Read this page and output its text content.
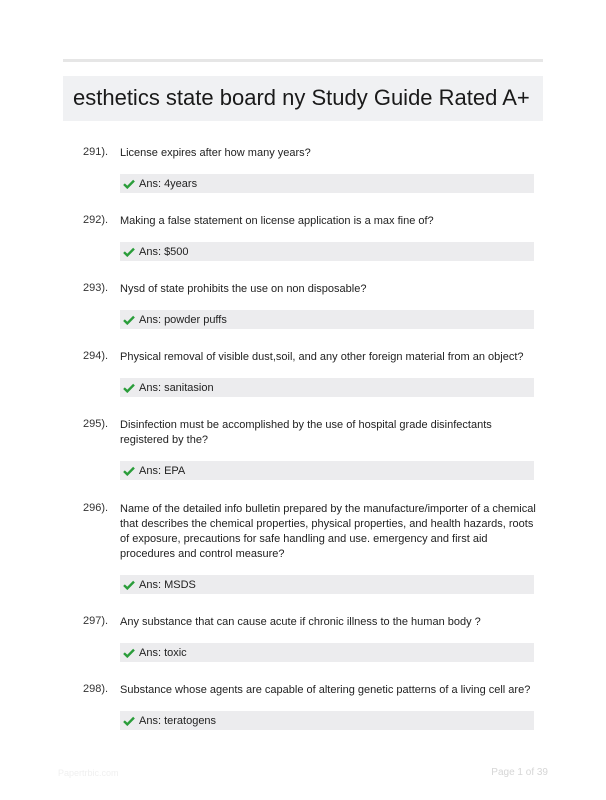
esthetics state board ny Study Guide Rated A+
291). License expires after how many years?
Ans: 4years
292). Making a false statement on license application is a max fine of?
Ans: $500
293). Nysd of state prohibits the use on non disposable?
Ans: powder puffs
294). Physical removal of visible dust,soil, and any other foreign material from an object?
Ans: sanitasion
295). Disinfection must be accomplished by the use of hospital grade disinfectants registered by the?
Ans: EPA
296). Name of the detailed info bulletin prepared by the manufacture/importer of a chemical that describes the chemical properties, physical properties, and health hazards, roots of exposure, precautions for safe handling and use. emergency and first aid procedures and control measure?
Ans: MSDS
297). Any substance that can cause acute if chronic illness to the human body ?
Ans: toxic
298). Substance whose agents are capable of altering genetic patterns of a living cell are?
Ans: teratogens
Papertrbic.com	Page 1 of 39
